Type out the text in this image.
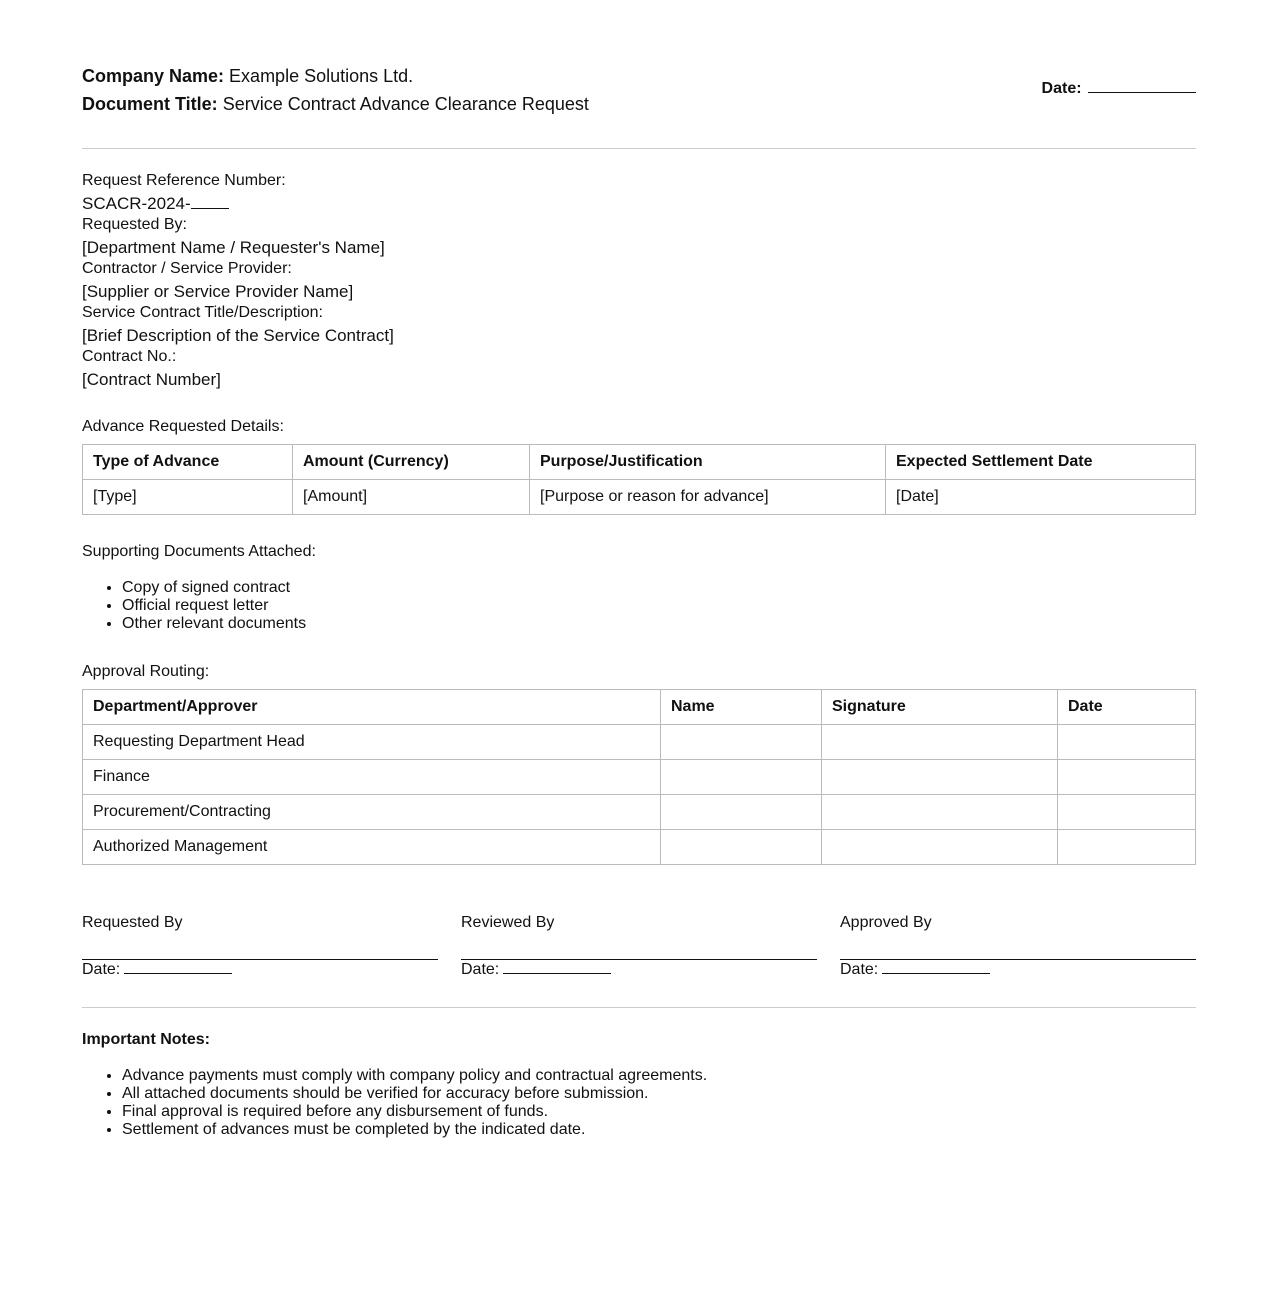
Company Name: Example Solutions Ltd.
Document Title: Service Contract Advance Clearance Request
Date:
Request Reference Number:
SCACR-2024-
Requested By:
[Department Name / Requester's Name]
Contractor / Service Provider:
[Supplier or Service Provider Name]
Service Contract Title/Description:
[Brief Description of the Service Contract]
Contract No.:
[Contract Number]
Advance Requested Details:
Type of Advance	Amount (Currency)	Purpose/Justification	Expected Settlement Date
[Type]	[Amount]	[Purpose or reason for advance]	[Date]
Supporting Documents Attached:
• Copy of signed contract
• Official request letter
• Other relevant documents
Approval Routing:
Department/Approver	Name	Signature	Date
Requesting Department Head			
Finance			
Procurement/Contracting			
Authorized Management			
Requested By
Date:
Reviewed By
Date:
Approved By
Date:
Important Notes:
• Advance payments must comply with company policy and contractual agreements.
• All attached documents should be verified for accuracy before submission.
• Final approval is required before any disbursement of funds.
• Settlement of advances must be completed by the indicated date.
